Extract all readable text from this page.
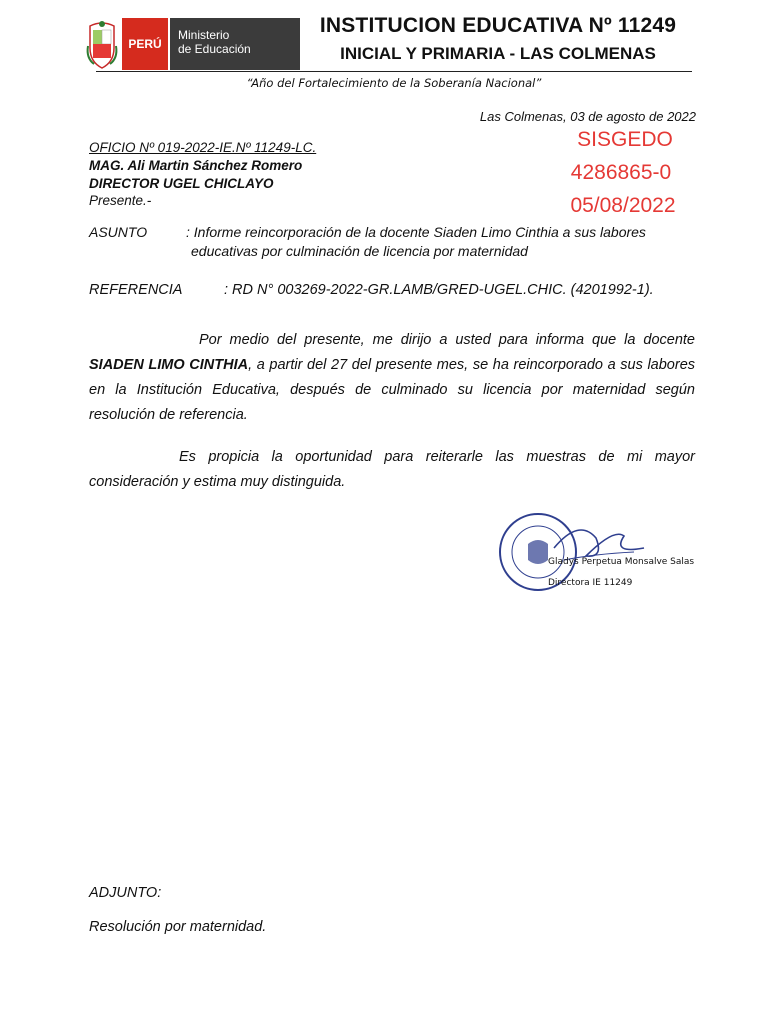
PERÚ
Ministerio
de Educación
INSTITUCION EDUCATIVA Nº 11249
INICIAL Y PRIMARIA - LAS COLMENAS
“Año del Fortalecimiento de la Soberanía Nacional”
Las Colmenas, 03 de agosto de 2022
SISGEDO
4286865-0
05/08/2022
OFICIO Nº 019-2022-IE.Nº 11249-LC.
MAG. Ali Martin Sánchez Romero
DIRECTOR UGEL CHICLAYO
Presente.-
ASUNTO	: Informe reincorporación de la docente Siaden Limo Cinthia a sus labores
educativas por culminación de licencia por maternidad
REFERENCIA	: RD N° 003269-2022-GR.LAMB/GRED-UGEL.CHIC. (4201992-1).
Por medio del presente, me dirijo a usted para informa que la docente SIADEN LIMO CINTHIA, a partir del 27 del presente mes, se ha reincorporado a sus labores en la Institución Educativa, después de culminado su licencia por maternidad según resolución de referencia.
Es propicia la oportunidad para reiterarle las muestras de mi mayor consideración y estima muy distinguida.
Gladys Perpetua Monsalve Salas
Directora IE 11249
ADJUNTO:
Resolución por maternidad.
